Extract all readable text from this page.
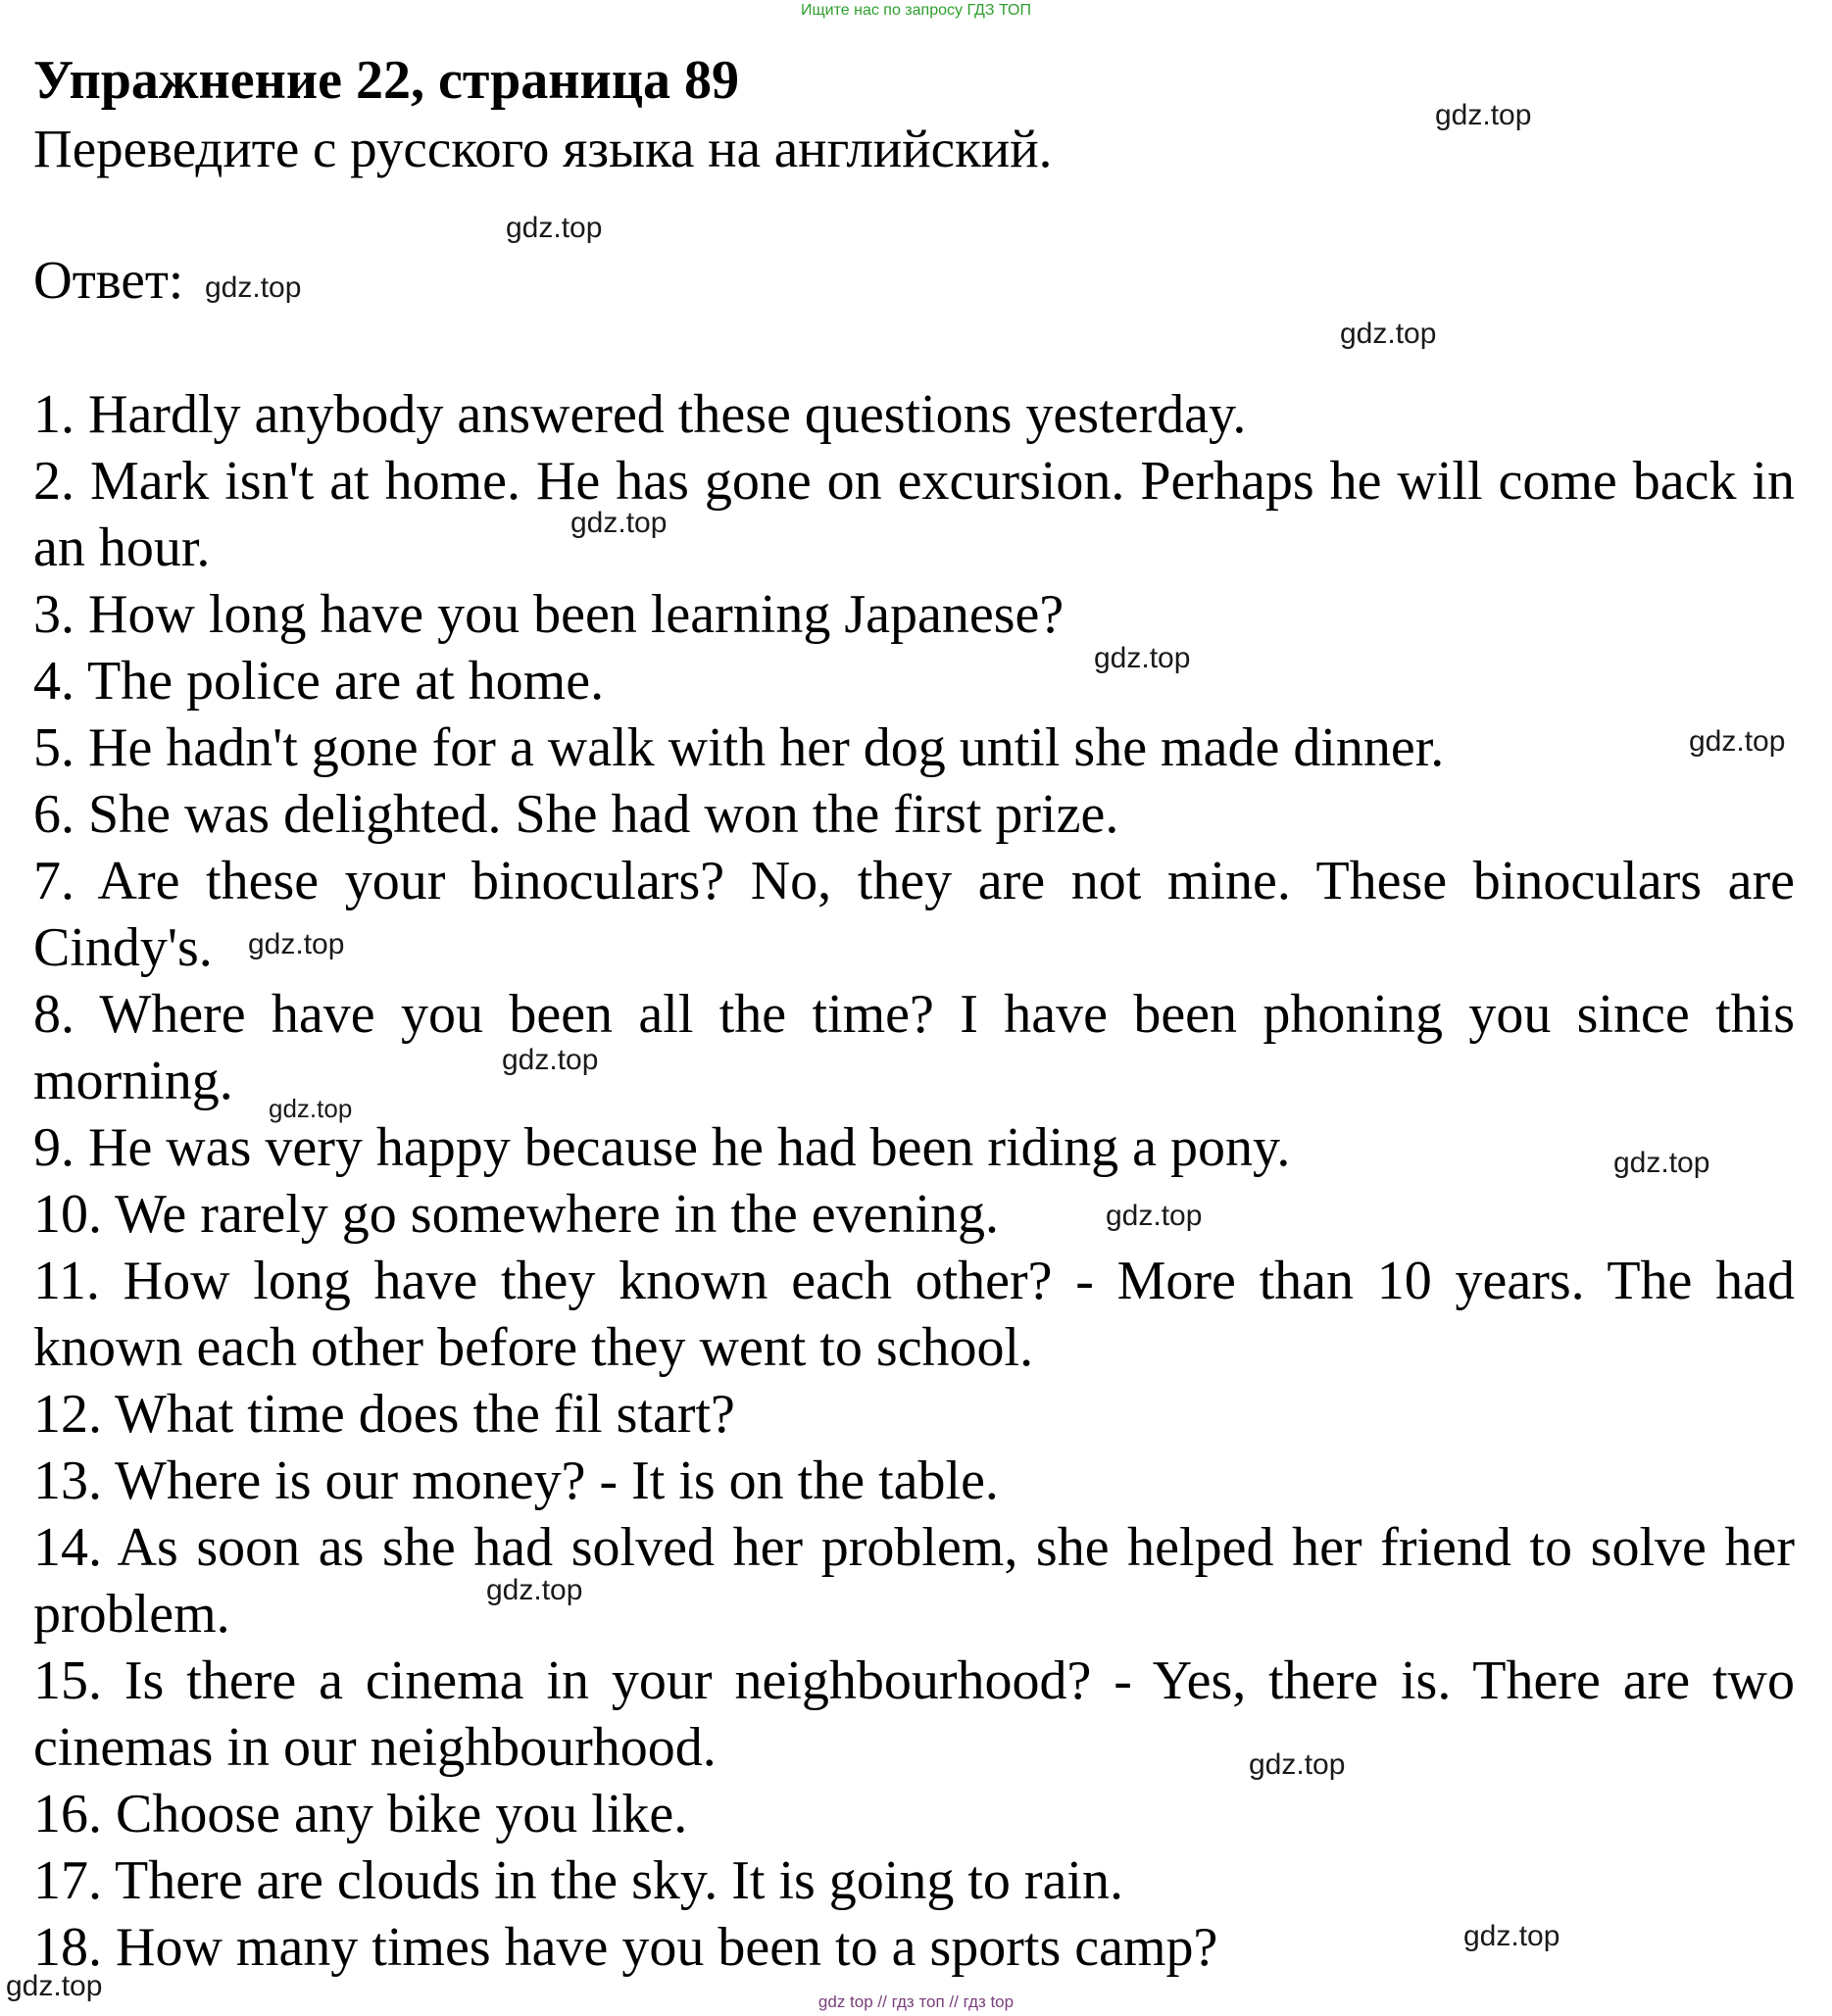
Ищите нас по запросу ГДЗ ТОП
Упражнение 22, страница 89
Переведите с русского языка на английский.
Ответ:
1. Hardly anybody answered these questions yesterday.
2. Mark isn't at home. He has gone on excursion. Perhaps he will come back in an hour.
3. How long have you been learning Japanese?
4. The police are at home.
5. He hadn't gone for a walk with her dog until she made dinner.
6. She was delighted. She had won the first prize.
7. Are these your binoculars? No, they are not mine. These binoculars are Cindy's.
8. Where have you been all the time? I have been phoning you since this morning.
9. He was very happy because he had been riding a pony.
10. We rarely go somewhere in the evening.
11. How long have they known each other? - More than 10 years. The had known each other before they went to school.
12. What time does the fil start?
13. Where is our money? - It is on the table.
14. As soon as she had solved her problem, she helped her friend to solve her problem.
15. Is there a cinema in your neighbourhood? - Yes, there is. There are two cinemas in our neighbourhood.
16. Choose any bike you like.
17. There are clouds in the sky. It is going to rain.
18. How many times have you been to a sports camp?
gdz.top
gdz.top
gdz.top
gdz.top
gdz.top
gdz.top
gdz.top
gdz.top
gdz.top
gdz.top
gdz.top
gdz.top
gdz.top
gdz.top
gdz.top
gdz.top	gdz top // гдз топ // гдз top
